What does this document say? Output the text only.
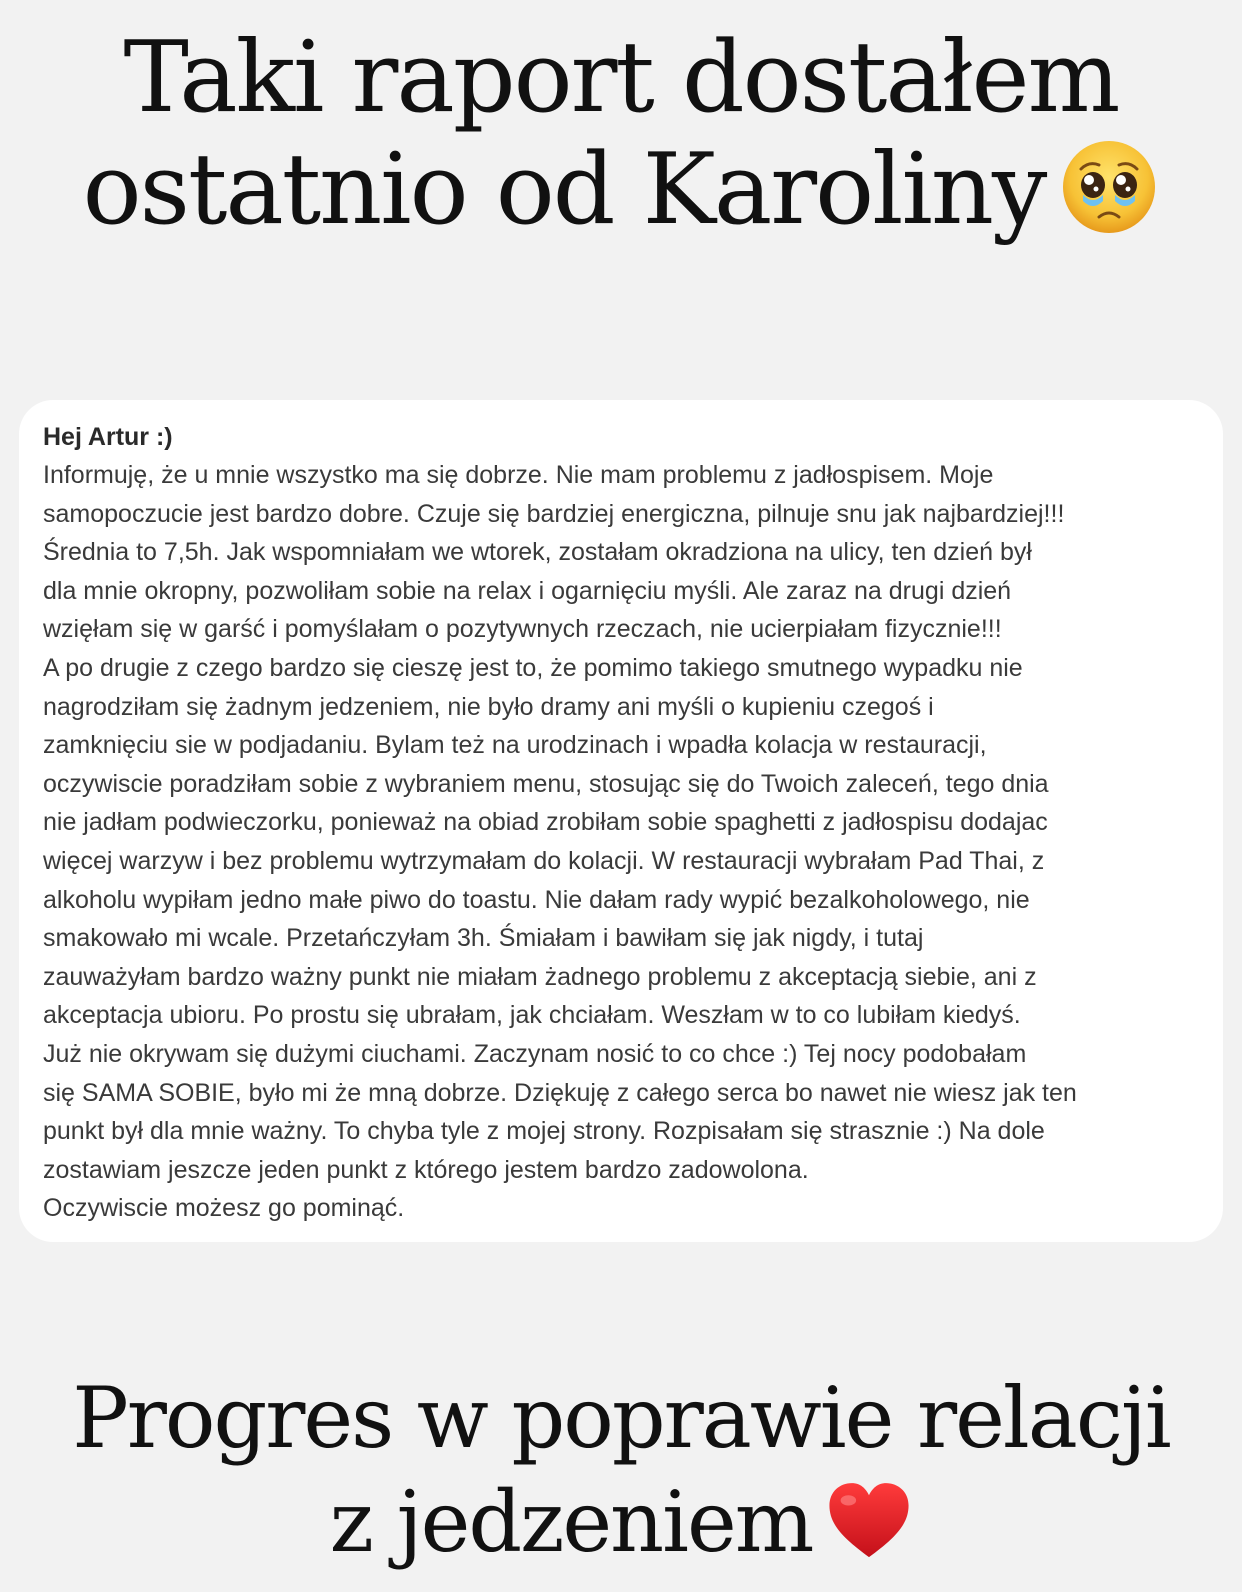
Taki raport dostałem
ostatnio od Karoliny

Hej Artur :)

Informuję, że u mnie wszystko ma się dobrze. Nie mam problemu z jadłospisem. Moje
samopoczucie jest bardzo dobre. Czuje się bardziej energiczna, pilnuje snu jak najbardziej!!!
Średnia to 7,5h. Jak wspomniałam we wtorek, zostałam okradziona na ulicy, ten dzień był
dla mnie okropny, pozwoliłam sobie na relax i ogarnięciu myśli. Ale zaraz na drugi dzień
wzięłam się w garść i pomyślałam o pozytywnych rzeczach, nie ucierpiałam fizycznie!!!
A po drugie z czego bardzo się cieszę jest to, że pomimo takiego smutnego wypadku nie
nagrodziłam się żadnym jedzeniem, nie było dramy ani myśli o kupieniu czegoś i
zamknięciu sie w podjadaniu. Bylam też na urodzinach i wpadła kolacja w restauracji,
oczywiscie poradziłam sobie z wybraniem menu, stosując się do Twoich zaleceń, tego dnia
nie jadłam podwieczorku, ponieważ na obiad zrobiłam sobie spaghetti z jadłospisu dodajac
więcej warzyw i bez problemu wytrzymałam do kolacji. W restauracji wybrałam Pad Thai, z
alkoholu wypiłam jedno małe piwo do toastu. Nie dałam rady wypić bezalkoholowego, nie
smakowało mi wcale. Przetańczyłam 3h. Śmiałam i bawiłam się jak nigdy, i tutaj
zauważyłam bardzo ważny punkt nie miałam żadnego problemu z akceptacją siebie, ani z
akceptacja ubioru. Po prostu się ubrałam, jak chciałam. Weszłam w to co lubiłam kiedyś.
Już nie okrywam się dużymi ciuchami. Zaczynam nosić to co chce :) Tej nocy podobałam
się SAMA SOBIE, było mi że mną dobrze. Dziękuję z całego serca bo nawet nie wiesz jak ten
punkt był dla mnie ważny. To chyba tyle z mojej strony. Rozpisałam się strasznie :) Na dole
zostawiam jeszcze jeden punkt z którego jestem bardzo zadowolona.
Oczywiscie możesz go pominąć.
Progres w poprawie relacji
z jedzeniem
